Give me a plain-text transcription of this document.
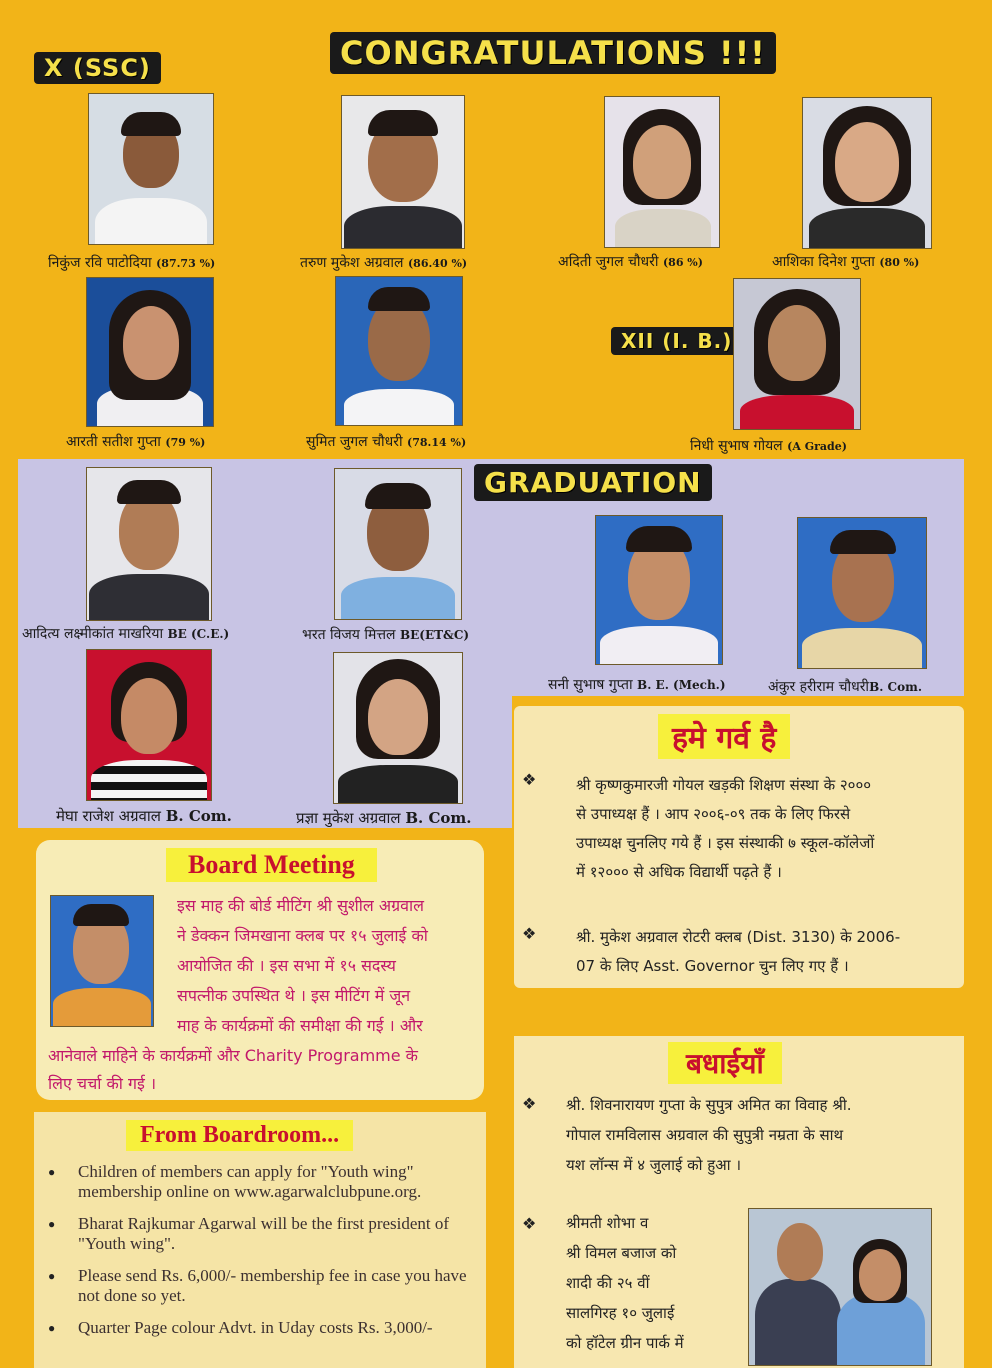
X (SSC)	CONGRATULATIONS !!!
निकुंज रवि पाटोदिया (87.73 %)	तरुण मुकेश अग्रवाल (86.40 %)	अदिती जुगल चौधरी (86 %)	आशिका दिनेश गुप्ता (80 %)
XII (I. B.)
आरती सतीश गुप्ता (79 %)	सुमित जुगल चौधरी (78.14 %)	निधी सुभाष गोयल (A Grade)
GRADUATION
आदित्य लक्ष्मीकांत माखरिया BE (C.E.)	भरत विजय मित्तल BE(ET&C)
सनी सुभाष गुप्ता B. E. (Mech.)	अंकुर हरीराम चौधरीB. Com.
मेघा राजेश अग्रवाल B. Com.	प्रज्ञा मुकेश अग्रवाल B. Com.
हमे गर्व है
❖	श्री कृष्णकुमारजी गोयल खड़की शिक्षण संस्था के २०००
से उपाध्यक्ष हैं । आप २००६-०९ तक के लिए फिरसे
उपाध्यक्ष चुनलिए गये हैं । इस संस्थाकी ७ स्कूल-कॉलेजों
में १२००० से अधिक विद्यार्थी पढ़ते हैं ।
❖	श्री. मुकेश अग्रवाल रोटरी क्लब (Dist. 3130) के 2006-
07 के लिए Asst. Governor चुन लिए गए हैं ।
Board Meeting
इस माह की बोर्ड मीटिंग श्री सुशील अग्रवाल
ने डेक्कन जिमखाना क्लब पर १५ जुलाई को
आयोजित की । इस सभा में १५ सदस्य
सपत्नीक उपस्थित थे । इस मीटिंग में जून
माह के कार्यक्रमों की समीक्षा की गई । और
आनेवाले माहिने के कार्यक्रमों और Charity Programme के
लिए चर्चा की गई ।
बधाईयाँ
❖ श्री. शिवनारायण गुप्ता के सुपुत्र अमित का विवाह श्री.
गोपाल रामविलास अग्रवाल की सुपुत्री नम्रता के साथ
यश लॉन्स में ४ जुलाई को हुआ ।
❖ श्रीमती शोभा व
श्री विमल बजाज को
शादी की २५ वीं
सालगिरह १० जुलाई
को हॉटेल ग्रीन पार्क में
From Boardroom...
● Children of members can apply for "Youth wing" membership online on www.agarwalclubpune.org.
● Bharat Rajkumar Agarwal will be the first president of "Youth wing".
● Please send Rs. 6,000/- membership fee in case you have not done so yet.
● Quarter Page colour Advt. in Uday costs Rs. 3,000/-
